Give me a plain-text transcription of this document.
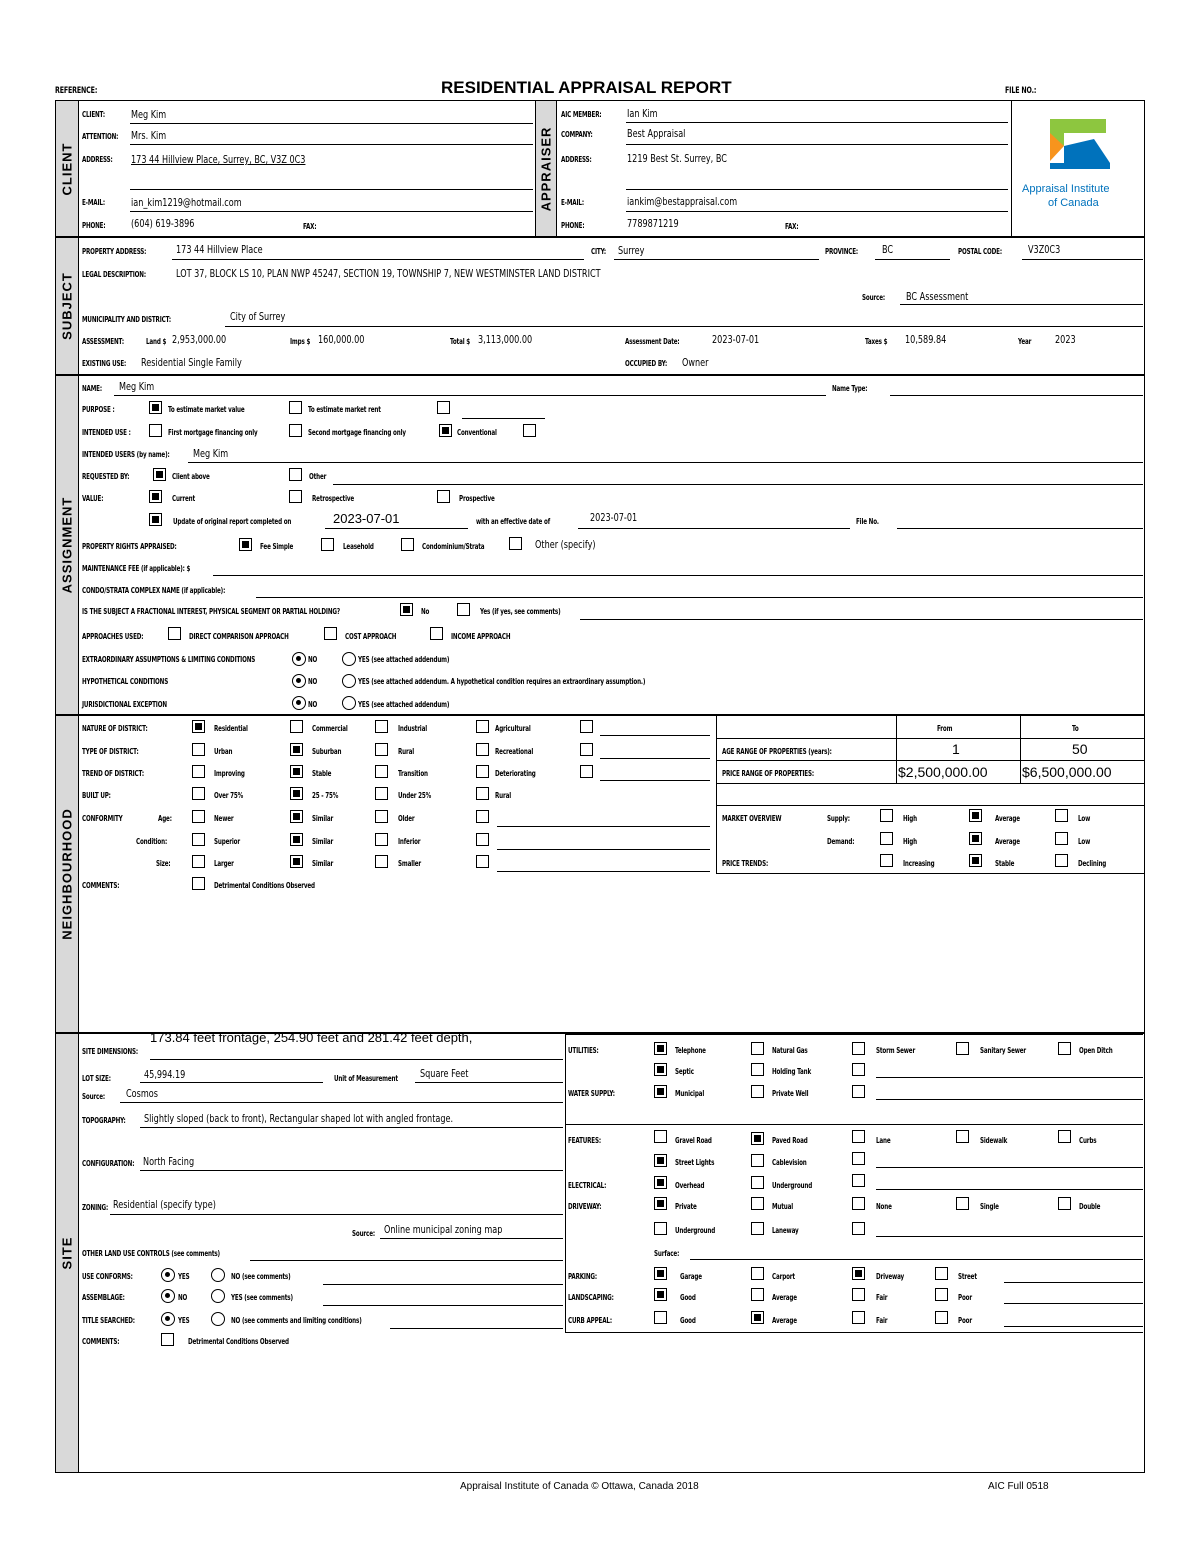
REFERENCE:	RESIDENTIAL APPRAISAL REPORT	FILE NO.:
CLIENT
SUBJECT
ASSIGNMENT
NEIGHBOURHOOD
SITE
APPRAISER
CLIENT: Meg Kim
ATTENTION: Mrs. Kim
ADDRESS: 173 44 Hillview Place, Surrey, BC, V3Z 0C3
E-MAIL: ian_kim1219@hotmail.com
PHONE: (604) 619-3896	FAX:
AIC MEMBER: Ian Kim
COMPANY:	Best Appraisal
ADDRESS:	1219 Best St. Surrey, BC
E-MAIL:	iankim@bestappraisal.com
PHONE:	7789871219	FAX:
Appraisal Institute
of Canada
PROPERTY ADDRESS:	173 44 Hillview Place	CITY: Surrey	PROVINCE: BC	POSTAL CODE: V3Z0C3
LEGAL DESCRIPTION:	LOT 37, BLOCK LS 10, PLAN NWP 45247, SECTION 19, TOWNSHIP 7, NEW WESTMINSTER LAND DISTRICT
Source: BC Assessment
MUNICIPALITY AND DISTRICT:	City of Surrey
ASSESSMENT:	Land $ 2,953,000.00	Imps $ 160,000.00	Total $ 3,113,000.00	Assessment Date:	2023-07-01	Taxes $ 10,589.84	Year 2023
EXISTING USE: Residential Single Family	OCCUPIED BY: Owner
NAME: Meg Kim	Name Type:
PURPOSE :	To estimate market value	To estimate market rent
INTENDED USE :	First mortgage financing only	Second mortgage financing only	Conventional
INTENDED USERS (by name): Meg Kim
REQUESTED BY:	Client above	Other
VALUE:	Current	Retrospective	Prospective
Update of original report completed on	2023-07-01	with an effective date of	2023-07-01	File No.
PROPERTY RIGHTS APPRAISED:	Fee Simple	Leasehold	Condominium/Strata	Other (specify)
MAINTENANCE FEE (if applicable): $
CONDO/STRATA COMPLEX NAME (if applicable):
IS THE SUBJECT A FRACTIONAL INTEREST, PHYSICAL SEGMENT OR PARTIAL HOLDING?	No	Yes (if yes, see comments)
APPROACHES USED:	DIRECT COMPARISON APPROACH	COST APPROACH	INCOME APPROACH
EXTRAORDINARY ASSUMPTIONS & LIMITING CONDITIONS	NO	YES (see attached addendum)
HYPOTHETICAL CONDITIONS	NO	YES (see attached addendum. A hypothetical condition requires an extraordinary assumption.)
JURISDICTIONAL EXCEPTION	NO	YES (see attached addendum)
NATURE OF DISTRICT:	Residential	Commercial	Industrial	Agricultural
TYPE OF DISTRICT:	Urban	Suburban	Rural	Recreational
TREND OF DISTRICT:	Improving	Stable	Transition	Deteriorating
BUILT UP:	Over 75%	25 - 75%	Under 25%	Rural
CONFORMITY	Age:	Newer	Similar	Older
Condition:	Superior	Similar	Inferior
Size:	Larger	Similar	Smaller
From	To
AGE RANGE OF PROPERTIES (years):	1	50
PRICE RANGE OF PROPERTIES:	$2,500,000.00 $6,500,000.00
MARKET OVERVIEW	Supply:	High	Average	Low
Demand:	High	Average	Low
PRICE TRENDS:	Increasing	Stable	Declining
COMMENTS:	Detrimental Conditions Observed
173.84 feet frontage, 254.90 feet and 281.42 feet depth,
SITE DIMENSIONS:
LOT SIZE:	45,994.19	Unit of Measurement Square Feet
Source: Cosmos
TOPOGRAPHY: Slightly sloped (back to front), Rectangular shaped lot with angled frontage.
CONFIGURATION: North Facing
ZONING: Residential (specify type)
Source: Online municipal zoning map
OTHER LAND USE CONTROLS (see comments)
USE CONFORMS:	YES	NO (see comments)
ASSEMBLAGE:	NO	YES (see comments)
TITLE SEARCHED:	YES	NO (see comments and limiting conditions)
COMMENTS:	Detrimental Conditions Observed
UTILITIES:	Telephone	Natural Gas	Storm Sewer	Sanitary Sewer	Open Ditch
Septic	Holding Tank
WATER SUPPLY:	Municipal	Private Well
FEATURES:	Gravel Road	Paved Road	Lane	Sidewalk	Curbs
Street Lights	Cablevision
ELECTRICAL:	Overhead	Underground
DRIVEWAY:	Private	Mutual	None	Single	Double
Underground	Laneway
Surface:
PARKING:	Garage	Carport	Driveway	Street
LANDSCAPING:	Good	Average	Fair	Poor
CURB APPEAL:	Good	Average	Fair	Poor
Appraisal Institute of Canada © Ottawa, Canada 2018	AIC Full 0518
